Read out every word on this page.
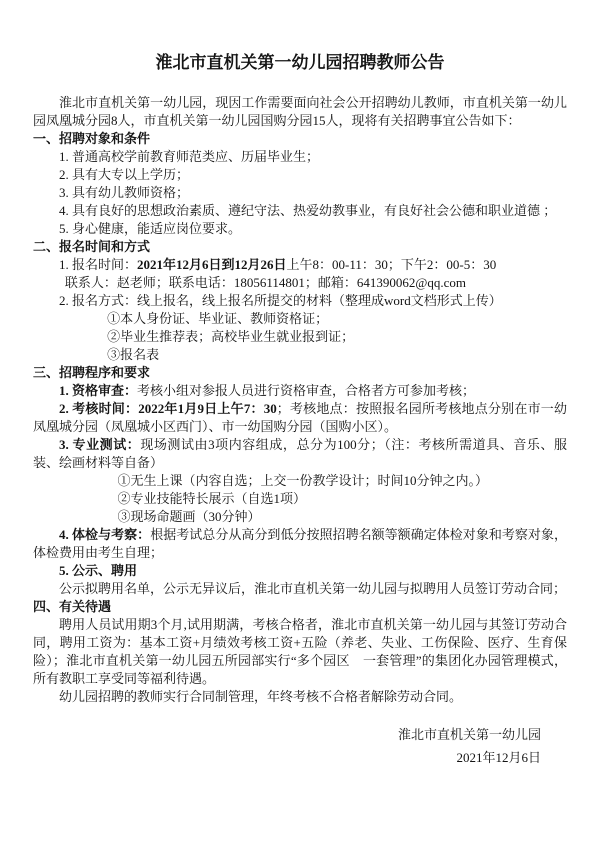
淮北市直机关第一幼儿园招聘教师公告

淮北市直机关第一幼儿园，现因工作需要面向社会公开招聘幼儿教师，市直机关第一幼儿园凤凰城分园8人，市直机关第一幼儿园国购分园15人，现将有关招聘事宜公告如下：

一、招聘对象和条件
1. 普通高校学前教育师范类应、历届毕业生；
2. 具有大专以上学历；
3. 具有幼儿教师资格；
4. 具有良好的思想政治素质、遵纪守法、热爱幼教事业，有良好社会公德和职业道德 ；
5. 身心健康，能适应岗位要求。
二、报名时间和方式
1. 报名时间：2021年12月6日到12月26日上午8：00-11：30；下午2：00-5：30
联系人：赵老师；联系电话：18056114801；邮箱：641390062@qq.com
2. 报名方式：线上报名，线上报名所提交的材料（整理成word文档形式上传）
①本人身份证、毕业证、教师资格证；
②毕业生推荐表；高校毕业生就业报到证；
③报名表
三、招聘程序和要求
1. 资格审查：考核小组对参报人员进行资格审查，合格者方可参加考核；
2. 考核时间：2022年1月9日上午7：30；考核地点：按照报名园所考核地点分别在市一幼凤凰城分园（凤凰城小区西门）、市一幼国购分园（国购小区）。
3. 专业测试：现场测试由3项内容组成，总分为100分；（注：考核所需道具、音乐、服装、绘画材料等自备）
①无生上课（内容自选；上交一份教学设计；时间10分钟之内。）
②专业技能特长展示（自选1项）
③现场命题画（30分钟）
4. 体检与考察：根据考试总分从高分到低分按照招聘名额等额确定体检对象和考察对象，体检费用由考生自理；
5. 公示、聘用

公示拟聘用名单，公示无异议后，淮北市直机关第一幼儿园与拟聘用人员签订劳动合同；

四、有关待遇

聘用人员试用期3个月,试用期满，考核合格者，淮北市直机关第一幼儿园与其签订劳动合同，聘用工资为：基本工资+月绩效考核工资+五险（养老、失业、工伤保险、医疗、生育保险）；淮北市直机关第一幼儿园五所园部实行“多个园区　一套管理”的集团化办园管理模式，所有教职工享受同等福利待遇。

幼儿园招聘的教师实行合同制管理，年终考核不合格者解除劳动合同。

淮北市直机关第一幼儿园
2021年12月6日
